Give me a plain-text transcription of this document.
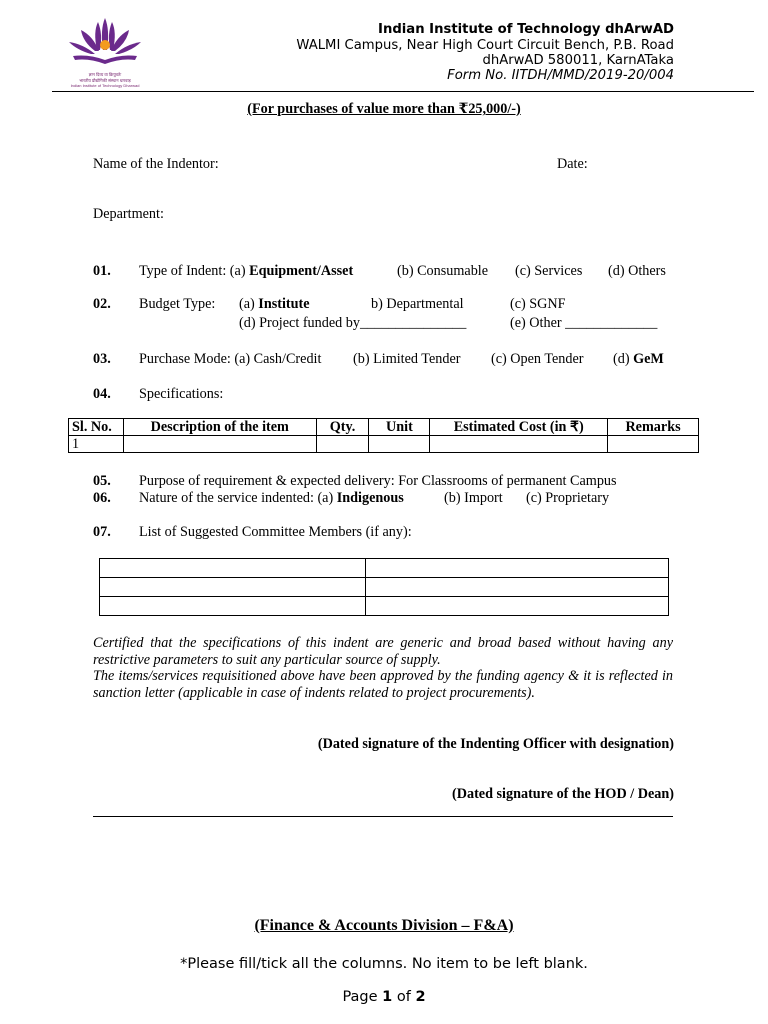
ज्ञान दिव्य वा क्रियुवतेः
भारतीय प्रौद्योगिकी संस्थान धारवाड़
Indian Institute of Technology Dharwad
Indian Institute of Technology dhArwAD
WALMI Campus, Near High Court Circuit Bench, P.B. Road
dhArwAD 580011, KarnATaka
Form No. IITDH/MMD/2019-20/004
(For purchases of value more than ₹25,000/-)
Name of the Indentor:	Date:
Department:
01. Type of Indent: (a) Equipment/Asset	(b) Consumable (c) Services (d) Others
02. Budget Type: (a) Institute	b) Departmental	(c) SGNF
(d) Project funded by_______________	(e) Other _____________
03. Purchase Mode: (a) Cash/Credit (b) Limited Tender (c) Open Tender (d) GeM
04. Specifications:
Sl. No.	Description of the item	Qty.	Unit	Estimated Cost (in ₹)	Remarks
1					
05. Purpose of requirement & expected delivery: For Classrooms of permanent Campus
06. Nature of the service indented: (a) Indigenous	(b) Import (c) Proprietary
07. List of Suggested Committee Members (if any):

Certified that the specifications of this indent are generic and broad based without having any restrictive parameters to suit any particular source of supply.
The items/services requisitioned above have been approved by the funding agency & it is reflected in sanction letter (applicable in case of indents related to project procurements).
(Dated signature of the Indenting Officer with designation)
(Dated signature of the HOD / Dean)
(Finance & Accounts Division – F&A)
*Please fill/tick all the columns. No item to be left blank.
Page 1 of 2
